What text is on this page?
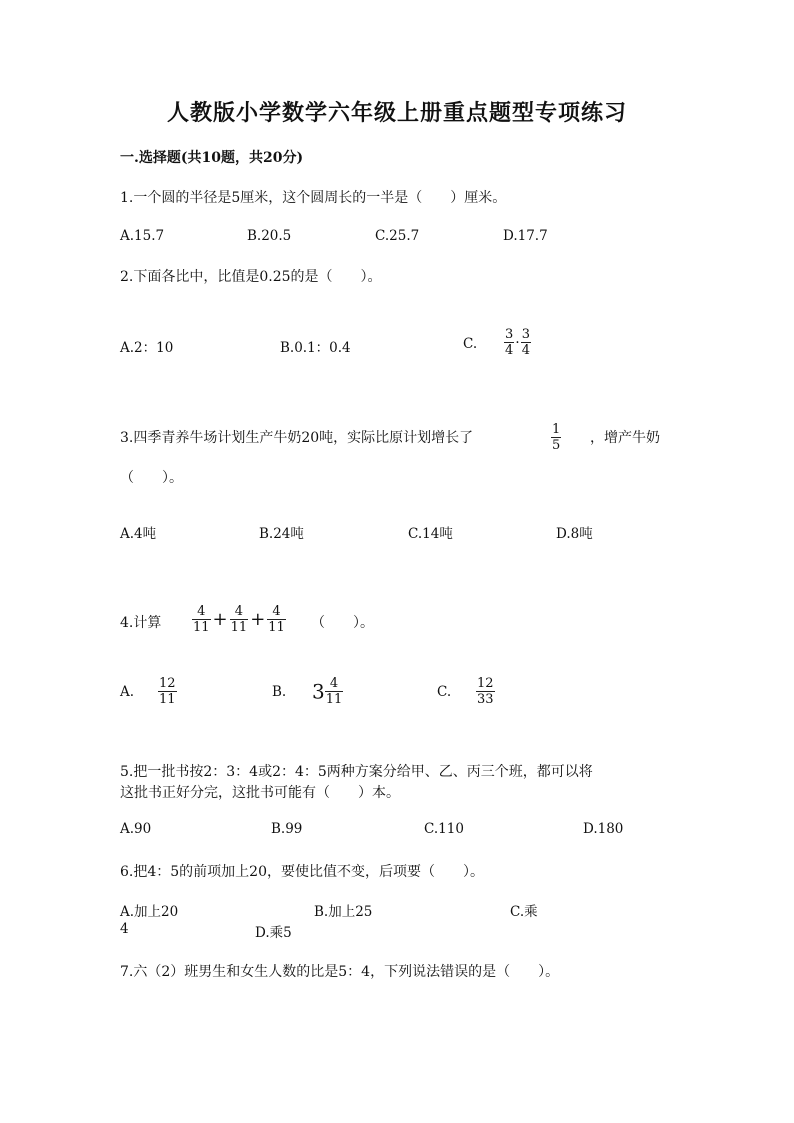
人教版小学数学六年级上册重点题型专项练习
一.选择题(共10题，共20分)
1.一个圆的半径是5厘米，这个圆周长的一半是（　　）厘米。
A.15.7	B.20.5	C.25.7	D.17.7
2.下面各比中，比值是0.25的是（　　）。
A.2：10	B.0.1：0.4	C. $\frac{3}{4} \cdot \frac{3}{4}$
3.四季青养牛场计划生产牛奶20吨，实际比原计划增长了	$\frac{1}{5}$ ，增产牛奶
（　　）。
A.4吨	B.24吨	C.14吨	D.8吨
4.计算 $\frac{4}{11} + \frac{4}{11} + \frac{4}{11}$ （　　）。
A. $\frac{12}{11}$	B. $3 \frac{4}{11}$	C. $\frac{12}{33}$
5.把一批书按2：3：4或2：4：5两种方案分给甲、乙、丙三个班，都可以将
这批书正好分完，这批书可能有（　　）本。
A.90	B.99	C.110	D.180
6.把4：5的前项加上20，要使比值不变，后项要（　　）。
A.加上20	B.加上25	C.乘
4	D.乘5
7.六（2）班男生和女生人数的比是5：4，下列说法错误的是（　　）。
